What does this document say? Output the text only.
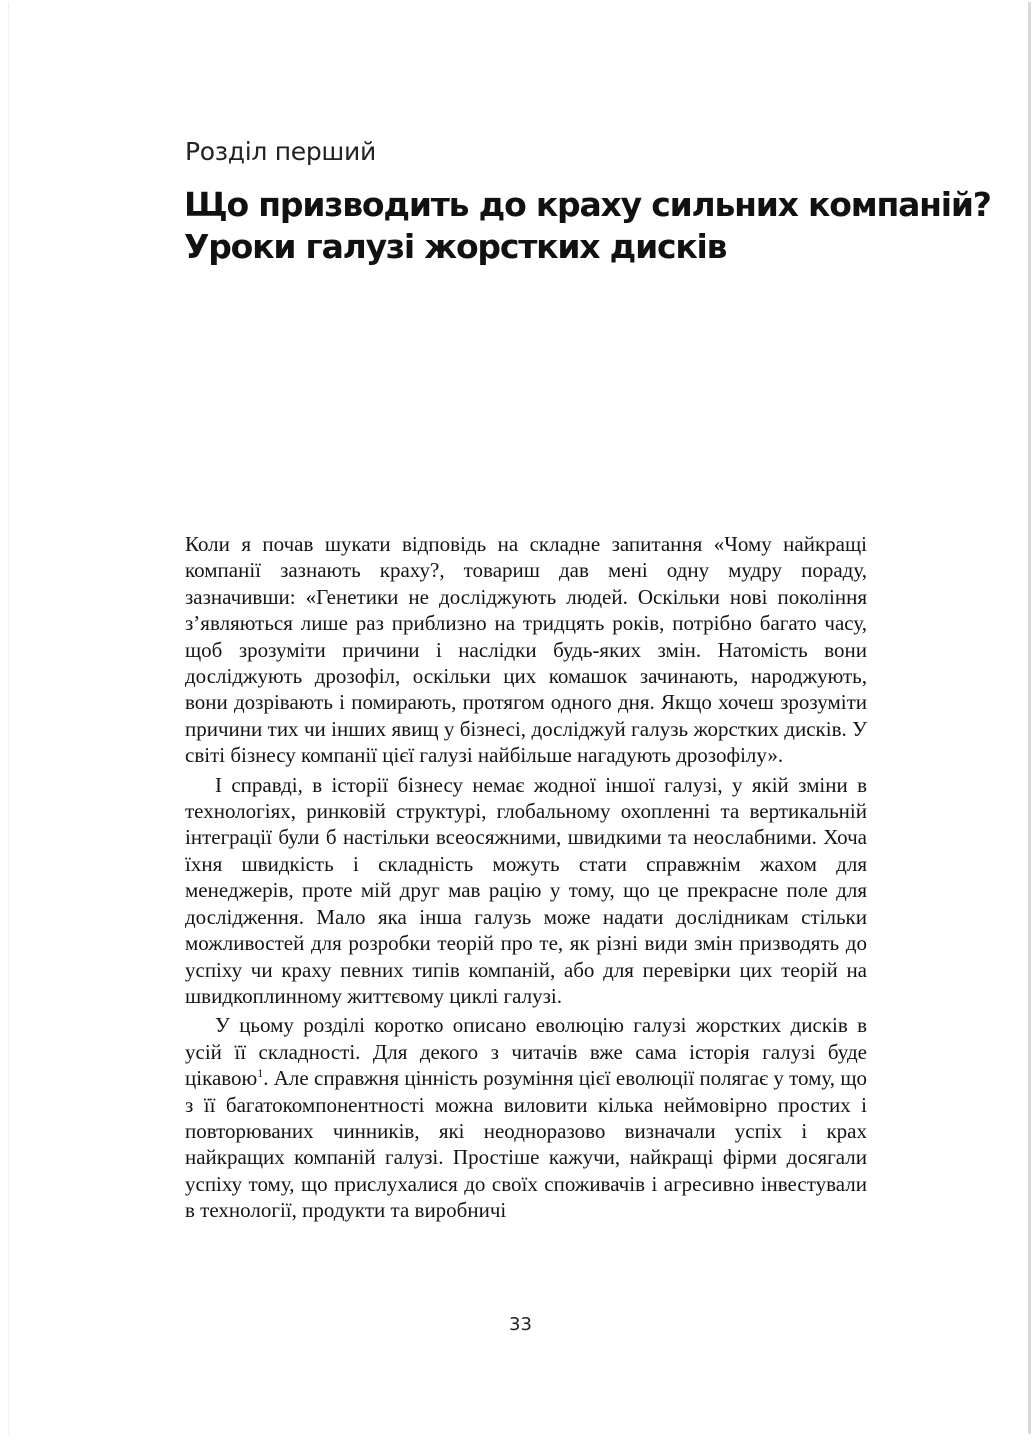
Розділ перший
Що призводить до краху сильних компаній?
Уроки галузі жорстких дисків

Коли я почав шукати відповідь на складне запитання «Чому найкращі компанії зазнають краху?, товариш дав мені одну мудру пораду, зазначивши: «Генетики не досліджують людей. Оскільки нові покоління з’являються лише раз приблизно на тридцять років, потрібно багато часу, щоб зрозуміти причини і наслідки будь-яких змін. Натомість вони досліджують дрозофіл, оскільки цих комашок зачинають, народжують, вони дозрівають і помирають, протягом одного дня. Якщо хочеш зрозуміти причини тих чи інших явищ у бізнесі, досліджуй галузь жорстких дисків. У світі бізнесу компанії цієї галузі найбільше нагадують дрозофілу».

І справді, в історії бізнесу немає жодної іншої галузі, у якій зміни в технологіях, ринковій структурі, глобальному охопленні та вертикальній інтеграції були б настільки всеосяжними, швидкими та неослабними. Хоча їхня швидкість і складність можуть стати справжнім жахом для менеджерів, проте мій друг мав рацію у тому, що це прекрасне поле для дослідження. Мало яка інша галузь може надати дослідникам стільки можливостей для розробки теорій про те, як різні види змін призводять до успіху чи краху певних типів компаній, або для перевірки цих теорій на швидкоплинному життєвому циклі галузі.

У цьому розділі коротко описано еволюцію галузі жорстких дисків в усій її складності. Для декого з читачів вже сама історія галузі буде цікавою$^1$. Але справжня цінність розуміння цієї еволюції полягає у тому, що з її багатокомпонентності можна виловити кілька неймовірно простих і повторюваних чинників, які неодноразово визначали успіх і крах найкращих компаній галузі. Простіше кажучи, найкращі фірми досягали успіху тому, що прислухалися до своїх споживачів і агресивно інвестували в технології, продукти та виробничі

33
